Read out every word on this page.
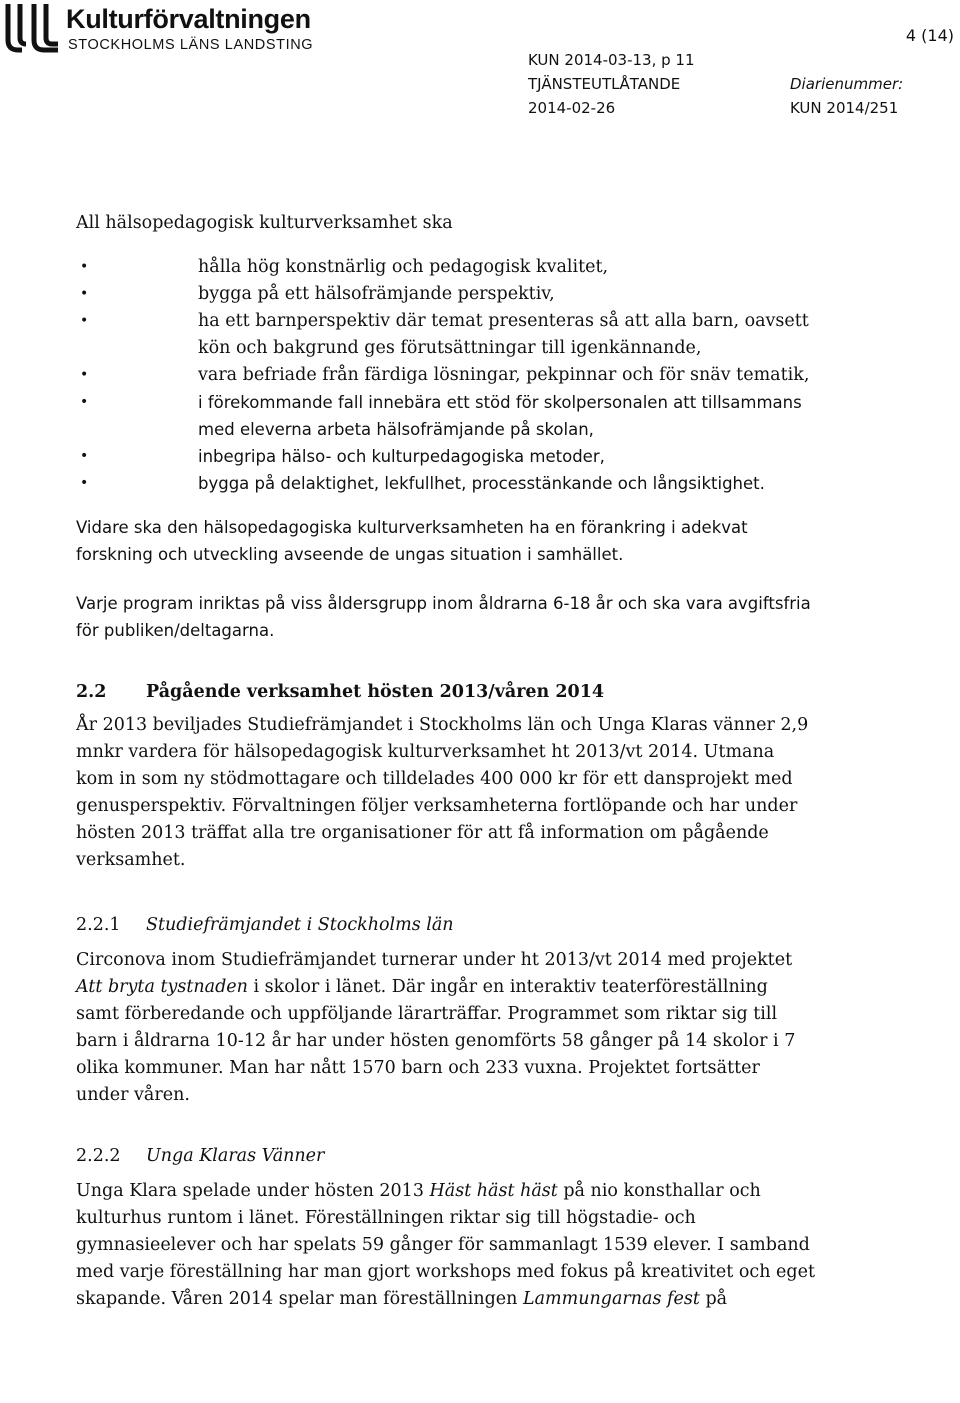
Kulturförvaltningen
STOCKHOLMS LÄNS LANDSTING	4 (14)
KUN 2014-03-13, p 11
TJÄNSTEUTLÅTANDE
2014-02-26

Diarienummer:
KUN 2014/251

All hälsopedagogisk kulturverksamhet ska

• hålla hög konstnärlig och pedagogisk kvalitet,
• bygga på ett hälsofrämjande perspektiv,
• ha ett barnperspektiv där temat presenteras så att alla barn, oavsett kön och bakgrund ges förutsättningar till igenkännande,
• vara befriade från färdiga lösningar, pekpinnar och för snäv tematik,
• i förekommande fall innebära ett stöd för skolpersonalen att tillsammans med eleverna arbeta hälsofrämjande på skolan,
• inbegripa hälso- och kulturpedagogiska metoder,
• bygga på delaktighet, lekfullhet, processtänkande och långsiktighet.

Vidare ska den hälsopedagogiska kulturverksamheten ha en förankring i adekvat forskning och utveckling avseende de ungas situation i samhället.

Varje program inriktas på viss åldersgrupp inom åldrarna 6-18 år och ska vara avgiftsfria för publiken/deltagarna.

2.2 Pågående verksamhet hösten 2013/våren 2014

År 2013 beviljades Studiefrämjandet i Stockholms län och Unga Klaras vänner 2,9 mnkr vardera för hälsopedagogisk kulturverksamhet ht 2013/vt 2014. Utmana kom in som ny stödmottagare och tilldelades 400 000 kr för ett dansprojekt med genusperspektiv. Förvaltningen följer verksamheterna fortlöpande och har under hösten 2013 träffat alla tre organisationer för att få information om pågående verksamhet.

2.2.1 Studiefrämjandet i Stockholms län

Circonova inom Studiefrämjandet turnerar under ht 2013/vt 2014 med projektet Att bryta tystnaden i skolor i länet. Där ingår en interaktiv teaterföreställning samt förberedande och uppföljande lärarträffar. Programmet som riktar sig till barn i åldrarna 10-12 år har under hösten genomförts 58 gånger på 14 skolor i 7 olika kommuner. Man har nått 1570 barn och 233 vuxna. Projektet fortsätter under våren.

2.2.2 Unga Klaras Vänner

Unga Klara spelade under hösten 2013 Häst häst häst på nio konsthallar och kulturhus runtom i länet. Föreställningen riktar sig till högstadie- och gymnasieelever och har spelats 59 gånger för sammanlagt 1539 elever. I samband med varje föreställning har man gjort workshops med fokus på kreativitet och eget skapande. Våren 2014 spelar man föreställningen Lammungarnas fest på
